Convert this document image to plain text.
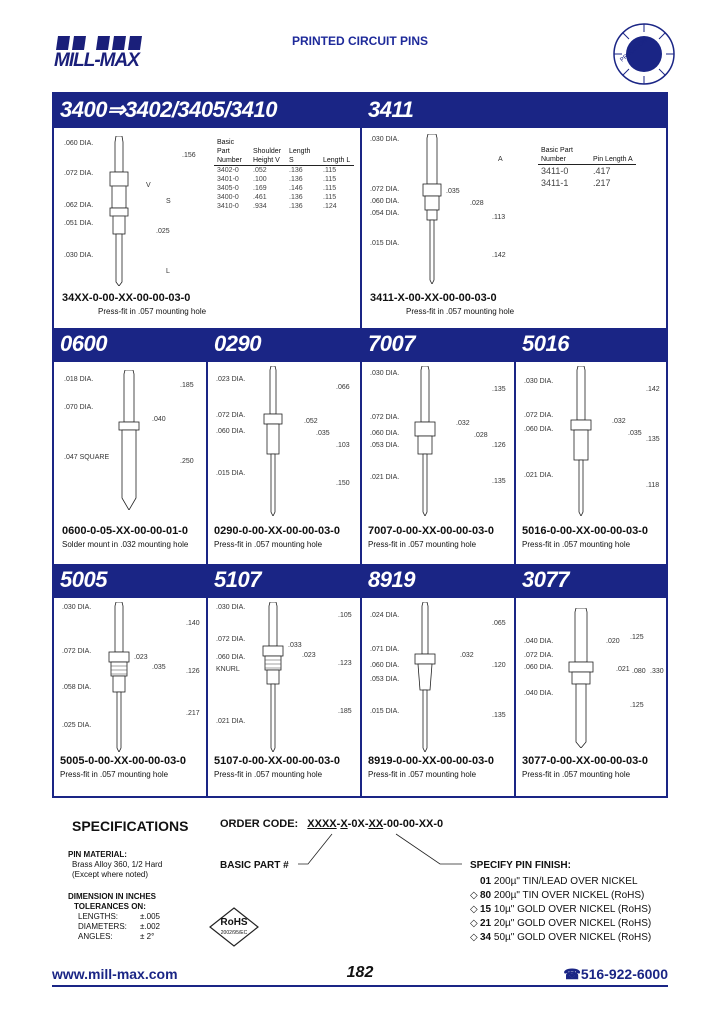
MILL-MAX
PRINTED CIRCUIT PINS	PRECISION
3400⇒3402/3405/3410	3411
0600	0290	7007	5016
5005	5107	8919	3077
.060 DIA.
.072 DIA.
.062 DIA.
.051 DIA.
.030 DIA.
.025
.156
V
S
L
Basic Part Number	Shoulder Height V	Length S	Length L
3402-0	.052	.136	.115
3401-0	.100	.136	.115
3405-0	.169	.146	.115
3400-0	.461	.136	.115
3410-0	.934	.136	.124
34XX-0-00-XX-00-00-03-0
Press-fit in .057 mounting hole
.030 DIA.
.072 DIA.
.060 DIA.
.054 DIA.
.015 DIA.
.035
.028
.113
.142
A
Basic Part Number	Pin Length A
3411-0	.417
3411-1	.217
3411-X-00-XX-00-00-03-0
Press-fit in .057 mounting hole
.018 DIA.
.070 DIA.
.047 SQUARE
.185
.040
.250
0600-0-05-XX-00-00-01-0
Solder mount in .032 mounting hole
.023 DIA.
.072 DIA.
.060 DIA.
.015 DIA.
.066
.052
.035
.103
.150
0290-0-00-XX-00-00-03-0
Press-fit in .057 mounting hole
.030 DIA.
.072 DIA.
.060 DIA.
.053 DIA.
.021 DIA.
.135
.032
.028
.126
.135
7007-0-00-XX-00-00-03-0
Press-fit in .057 mounting hole
.030 DIA.
.072 DIA.
.060 DIA.
.021 DIA.
.142
.032
.035
.135
.118
5016-0-00-XX-00-00-03-0
Press-fit in .057 mounting hole
.030 DIA.
.072 DIA.
.058 DIA.
.025 DIA.
.023
.035
.140
.126
.217
5005-0-00-XX-00-00-03-0
Press-fit in .057 mounting hole
.030 DIA.
.072 DIA.
.060 DIA.
KNURL
.021 DIA.
.105
.033
.023
.123
.185
5107-0-00-XX-00-00-03-0
Press-fit in .057 mounting hole
.024 DIA.
.071 DIA.
.060 DIA.
.053 DIA.
.015 DIA.
.065
.032
.120
.135
8919-0-00-XX-00-00-03-0
Press-fit in .057 mounting hole
.040 DIA.
.072 DIA.
.060 DIA.
.040 DIA.
.020
.125
.021 .080 .330
.125
3077-0-00-XX-00-00-03-0
Press-fit in .057 mounting hole
SPECIFICATIONS
PIN MATERIAL:
Brass Alloy 360, 1/2 Hard
(Except where noted)
DIMENSION IN INCHES
TOLERANCES ON:
LENGTHS:	±.005
DIAMETERS: ±.002
ANGLES:	± 2°
RoHS
2002/95/EC
ORDER CODE: XXXX-X-0X-XX-00-00-XX-0
BASIC PART #	SPECIFY PIN FINISH:
01 200µ" TIN/LEAD OVER NICKEL
◇ 80 200µ" TIN OVER NICKEL (RoHS)
◇ 15 10µ" GOLD OVER NICKEL (RoHS)
◇ 21 20µ" GOLD OVER NICKEL (RoHS)
◇ 34 50µ" GOLD OVER NICKEL (RoHS)
www.mill-max.com	182	☎516-922-6000
